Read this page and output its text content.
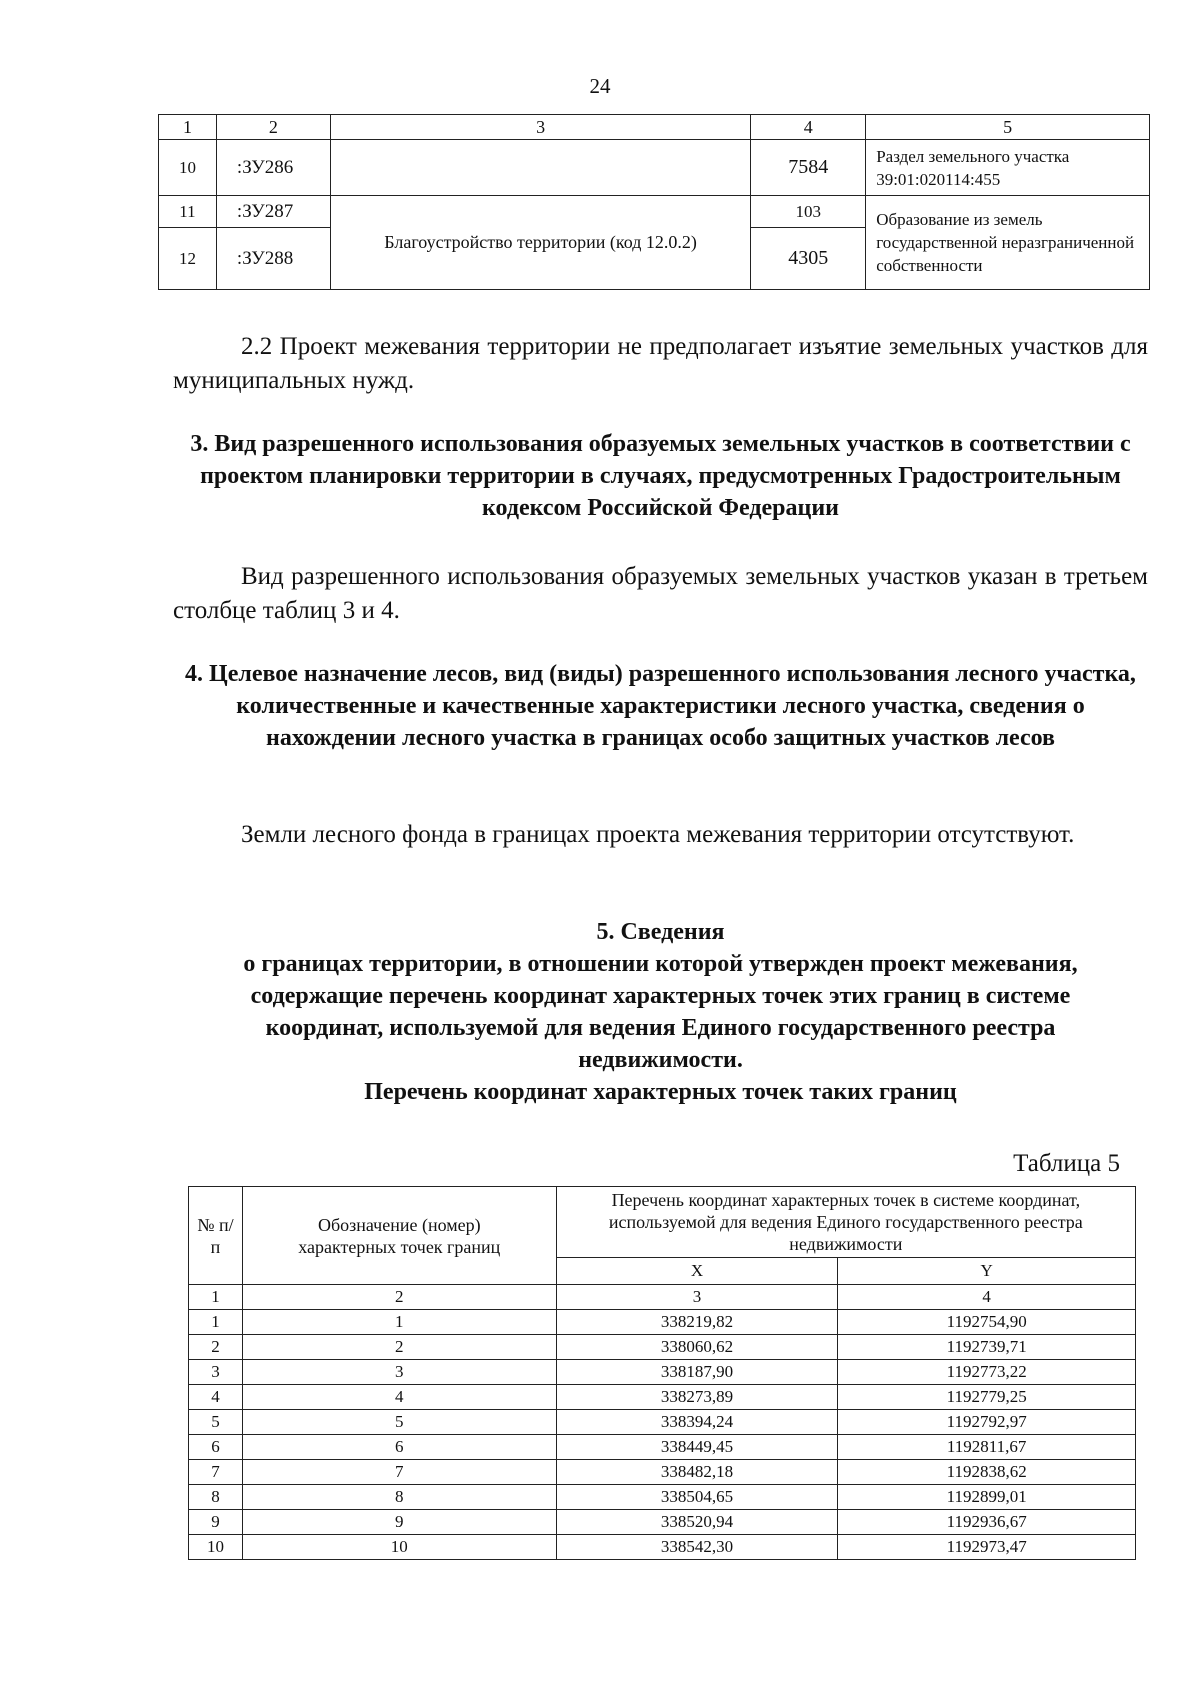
24
1	2	3	4	5
10	:ЗУ286		7584	Раздел земельного участка 39:01:020114:455
11	:ЗУ287	Благоустройство территории (код 12.0.2)	103	Образование из земель государственной неразграниченной собственности
12	:ЗУ288		4305	
2.2 Проект межевания территории не предполагает изъятие земельных участков для муниципальных нужд.
3. Вид разрешенного использования образуемых земельных участков в соответствии с проектом планировки территории в случаях, предусмотренных Градостроительным кодексом Российской Федерации
Вид разрешенного использования образуемых земельных участков указан в третьем столбце таблиц 3 и 4.
4. Целевое назначение лесов, вид (виды) разрешенного использования лесного участка, количественные и качественные характеристики лесного участка, сведения о нахождении лесного участка в границах особо защитных участков лесов
Земли лесного фонда в границах проекта межевания территории отсутствуют.
5. Сведения
о границах территории, в отношении которой утвержден проект межевания, содержащие перечень координат характерных точек этих границ в системе координат, используемой для ведения Единого государственного реестра недвижимости.
Перечень координат характерных точек таких границ
Таблица 5
№ п/п	Обозначение (номер) характерных точек границ	Перечень координат характерных точек в системе координат, используемой для ведения Единого государственного реестра недвижимости	
		X	Y
1	2	3	4
1	1	338219,82	1192754,90
2	2	338060,62	1192739,71
3	3	338187,90	1192773,22
4	4	338273,89	1192779,25
5	5	338394,24	1192792,97
6	6	338449,45	1192811,67
7	7	338482,18	1192838,62
8	8	338504,65	1192899,01
9	9	338520,94	1192936,67
10	10	338542,30	1192973,47
